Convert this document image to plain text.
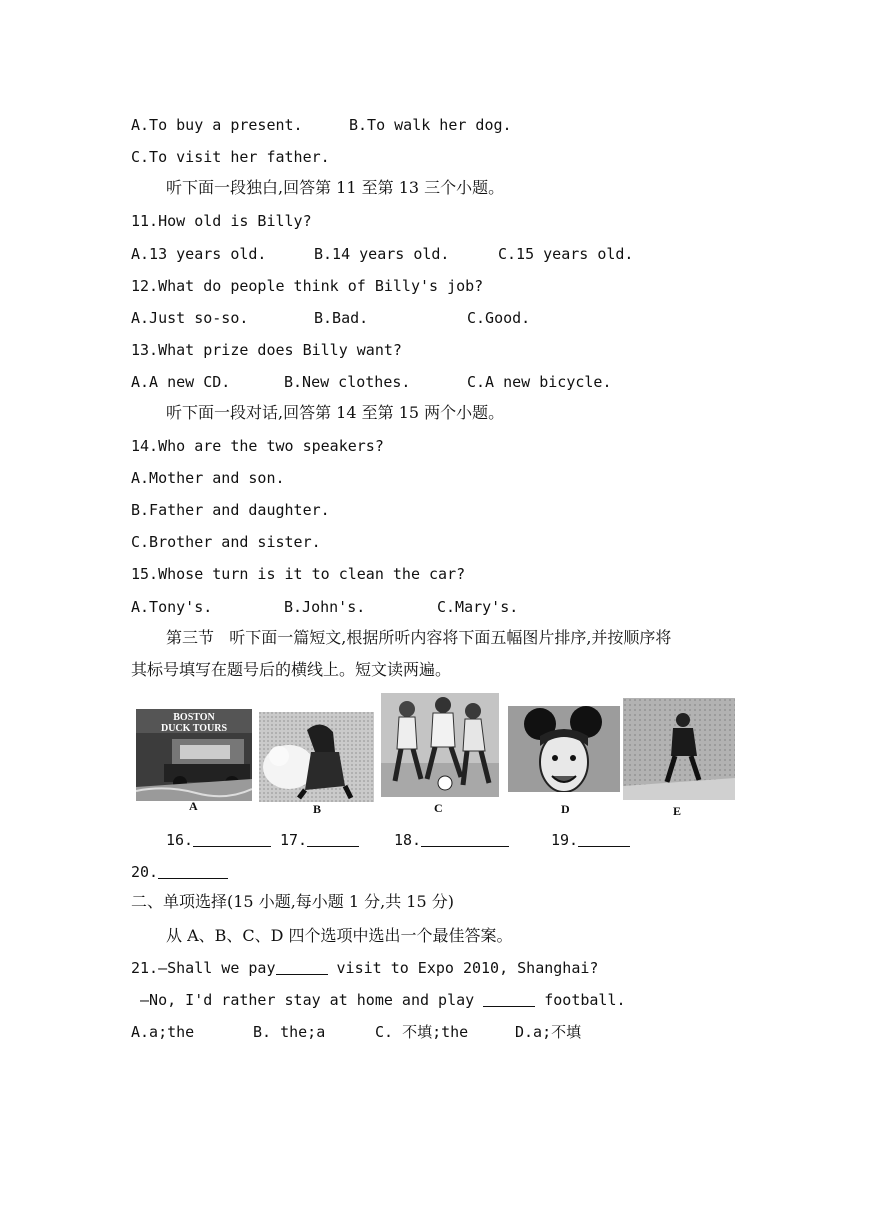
A.To buy a present.	B.To walk her dog.
C.To visit her father.
听下面一段独白,回答第 11 至第 13 三个小题。
11.How old is Billy?
A.13 years old.	B.14 years old.	C.15 years old.
12.What do people think of Billy's job?
A.Just so-so.	B.Bad.	C.Good.
13.What prize does Billy want?
A.A new CD.	B.New clothes.	C.A new bicycle.
听下面一段对话,回答第 14 至第 15 两个小题。
14.Who are the two speakers?
A.Mother and son.
B.Father and daughter.
C.Brother and sister.
15.Whose turn is it to clean the car?
A.Tony's.	B.John's.	C.Mary's.
第三节   听下面一篇短文,根据所听内容将下面五幅图片排序,并按顺序将
其标号填写在题号后的横线上。短文读两遍。
BOSTON
DUCK TOURS
A	B	C	D	E
16.	17.	18.	19.
20.
二、单项选择(15 小题,每小题 1 分,共 15 分)
从 A、B、C、D 四个选项中选出一个最佳答案。
21.—Shall we pay	visit to Expo 2010, Shanghai?
—No, I'd rather stay at home and play	football.
A.a;the	B. the;a	C. 不填;the	D.a;不填
